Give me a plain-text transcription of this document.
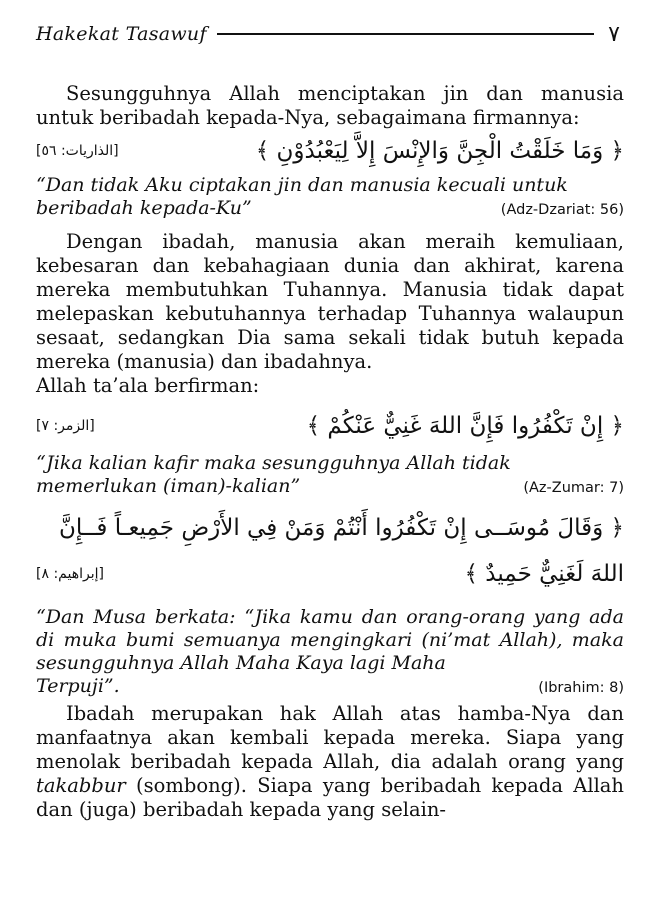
Hakekat Tasawuf	٧

Sesungguhnya Allah menciptakan jin dan manusia untuk beribadah kepada-Nya, sebagaimana firmannya:

[الذاريات: ٥٦]	﴿ وَمَا خَلَقْتُ الْجِنَّ وَالإِنْسَ إِلاَّ لِيَعْبُدُوْنِ ﴾

“Dan tidak Aku ciptakan jin dan manusia kecuali untuk

beribadah kepada-Ku”	(Adz-Dzariat: 56)

Dengan ibadah, manusia akan meraih kemuliaan, kebesaran dan kebahagiaan dunia dan akhirat, karena mereka membutuhkan Tuhannya. Manusia tidak dapat melepaskan kebutuhannya terhadap Tuhannya walaupun sesaat, sedangkan Dia sama sekali tidak butuh kepada mereka (manusia) dan ibadahnya.

Allah ta’ala berfirman:

[الزمر: ٧]	﴿ إِنْ تَكْفُرُوا فَإِنَّ اللهَ غَنِيٌّ عَنْكُمْ ﴾

“Jika kalian kafir maka sesungguhnya Allah tidak

memerlukan (iman)-kalian”	(Az-Zumar: 7)
﴿ وَقَالَ مُوسَــى إِنْ تَكْفُرُوا أَنْتُمْ وَمَنْ فِي الأَرْضِ جَمِيعـاً فَــإِنَّ
[إبراهيم: ٨]	اللهَ لَغَنِيٌّ حَمِيدٌ ﴾

“Dan Musa berkata: “Jika kamu dan orang-orang yang ada di muka bumi semuanya mengingkari (ni’mat Allah), maka sesungguhnya Allah Maha Kaya lagi Maha

Terpuji”.	(Ibrahim: 8)

Ibadah merupakan hak Allah atas hamba-Nya dan manfaatnya akan kembali kepada mereka. Siapa yang menolak beribadah kepada Allah, dia adalah orang yang takabbur (sombong). Siapa yang beribadah kepada Allah dan (juga) beribadah kepada yang selain-
